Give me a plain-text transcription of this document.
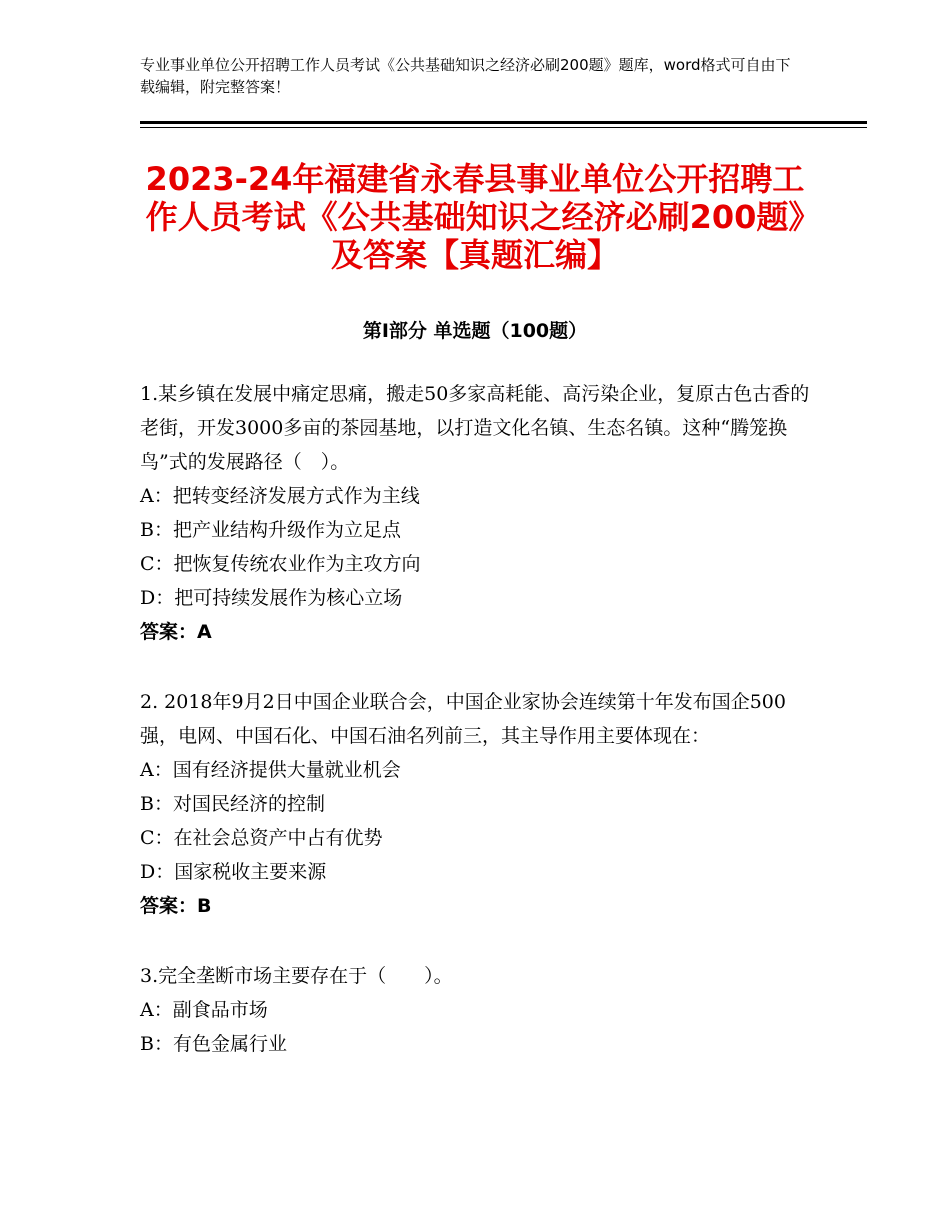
专业事业单位公开招聘工作人员考试《公共基础知识之经济必刷200题》题库，word格式可自由下载编辑，附完整答案！
2023-24年福建省永春县事业单位公开招聘工作人员考试《公共基础知识之经济必刷200题》及答案【真题汇编】
第Ⅰ部分 单选题（100题）

1.某乡镇在发展中痛定思痛，搬走50多家高耗能、高污染企业，复原古色古香的老街，开发3000多亩的茶园基地，以打造文化名镇、生态名镇。这种“腾笼换鸟”式的发展路径（　）。

A：把转变经济发展方式作为主线

B：把产业结构升级作为立足点

C：把恢复传统农业作为主攻方向

D：把可持续发展作为核心立场

答案：A

2. 2018年9月2日中国企业联合会，中国企业家协会连续第十年发布国企500强，电网、中国石化、中国石油名列前三，其主导作用主要体现在：

A：国有经济提供大量就业机会

B：对国民经济的控制

C：在社会总资产中占有优势

D：国家税收主要来源

答案：B

3.完全垄断市场主要存在于（　　）。

A：副食品市场

B：有色金属行业
